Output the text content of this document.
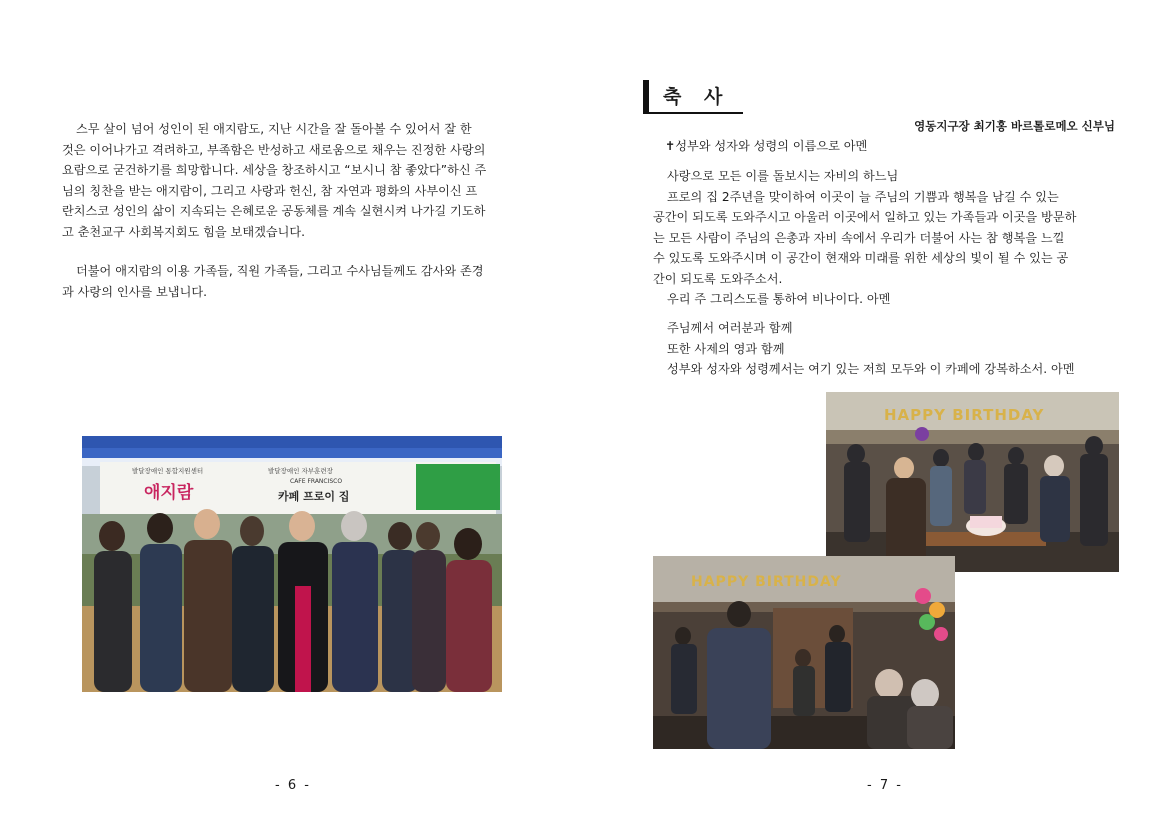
스무 살이 넘어 성인이 된 애지람도, 지난 시간을 잘 돌아볼 수 있어서 잘 한
것은 이어나가고 격려하고, 부족함은 반성하고 새로움으로 채우는 진정한 사랑의
요람으로 굳건하기를 희망합니다. 세상을 창조하시고 “보시니 참 좋았다”하신 주
님의 칭찬을 받는 애지람이, 그리고 사랑과 헌신, 참 자연과 평화의 사부이신 프
란치스코 성인의 삶이 지속되는 은혜로운 공동체를 계속 실현시켜 나가길 기도하
고 춘천교구 사회복지회도 힘을 보태겠습니다.
더불어 애지람의 이용 가족들, 직원 가족들, 그리고 수사님들께도 감사와 존경
과 사랑의 인사를 보냅니다.
발달장애인 통합지원센터
애지람
발달장애인 자부훈련장
CAFE FRANCISCO
카페 프로이 집
- 6 -
축 사
영동지구장 최기홍 바르톨로메오 신부님

✝성부와 성자와 성령의 이름으로 아멘

사랑으로 모든 이를 돌보시는 자비의 하느님
프로의 집 2주년을 맞이하여 이곳이 늘 주님의 기쁨과 행복을 남길 수 있는
공간이 되도록 도와주시고 아울러 이곳에서 일하고 있는 가족들과 이곳을 방문하
는 모든 사람이 주님의 은총과 자비 속에서 우리가 더불어 사는 참 행복을 느낄
수 있도록 도와주시며 이 공간이 현재와 미래를 위한 세상의 빛이 될 수 있는 공
간이 되도록 도와주소서.

우리 주 그리스도를 통하여 비나이다. 아멘

주님께서 여러분과 함께
또한 사제의 영과 함께
성부와 성자와 성령께서는 여기 있는 저희 모두와 이 카페에 강복하소서. 아멘
HAPPY BIRTHDAY
HAPPY BIRTHDAY
- 7 -
